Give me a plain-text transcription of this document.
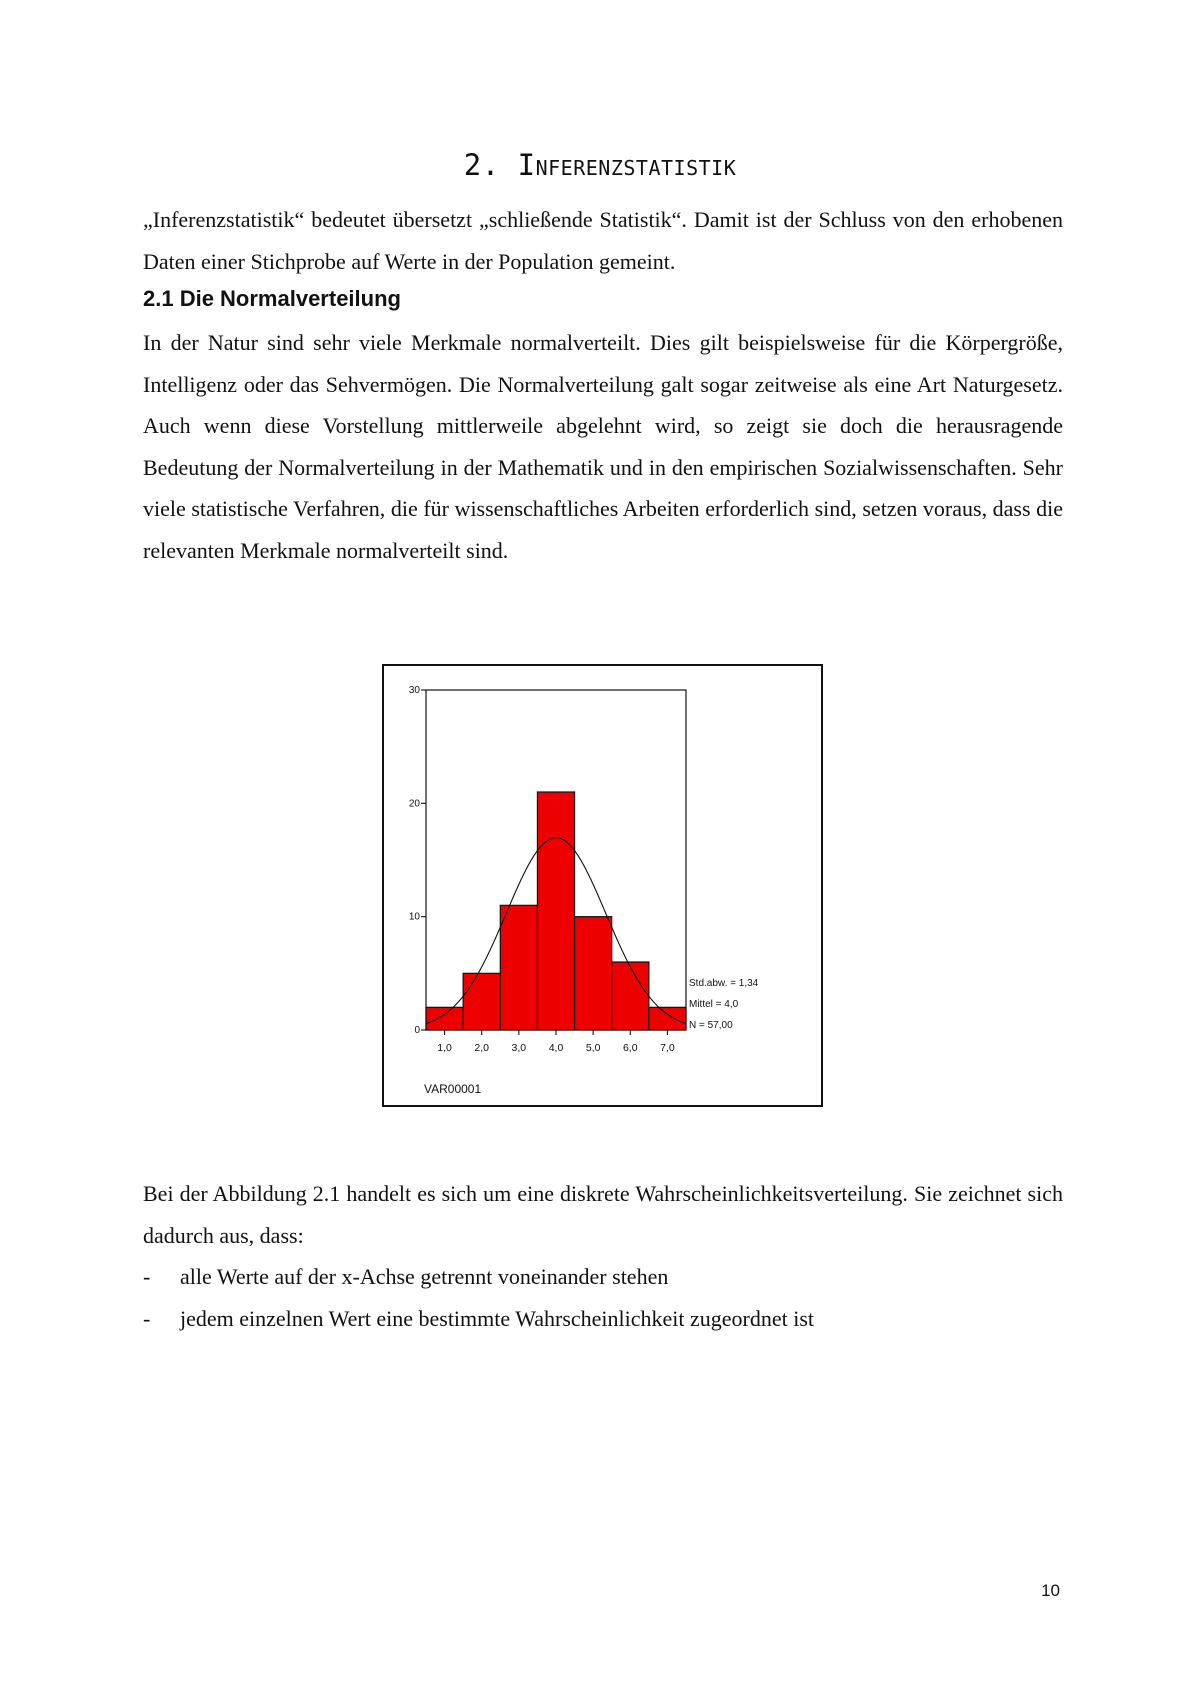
2. Inferenzstatistik

„Inferenzstatistik“ bedeutet übersetzt „schließende Statistik“. Damit ist der Schluss von den erhobenen Daten einer Stichprobe auf Werte in der Population gemeint.

2.1 Die Normalverteilung

In der Natur sind sehr viele Merkmale normalverteilt. Dies gilt beispielsweise für die Körpergröße, Intelligenz oder das Sehvermögen. Die Normalverteilung galt sogar zeitweise als eine Art Naturgesetz. Auch wenn diese Vorstellung mittlerweile abgelehnt wird, so zeigt sie doch die herausragende Bedeutung der Normalverteilung in der Mathematik und in den empirischen Sozialwissenschaften. Sehr viele statistische Verfahren, die für wissenschaftliches Arbeiten erforderlich sind, setzen voraus, dass die relevanten Merkmale normalverteilt sind.

0
10
20
30
1,0 2,0 3,0 4,0 5,0 6,0 7,0
VAR00001
Std.abw. = 1,34
Mittel = 4,0
N = 57,00

Bei der Abbildung 2.1 handelt es sich um eine diskrete Wahrscheinlichkeitsverteilung. Sie zeichnet sich dadurch aus, dass:

- alle Werte auf der x-Achse getrennt voneinander stehen
- jedem einzelnen Wert eine bestimmte Wahrscheinlichkeit zugeordnet ist
10
